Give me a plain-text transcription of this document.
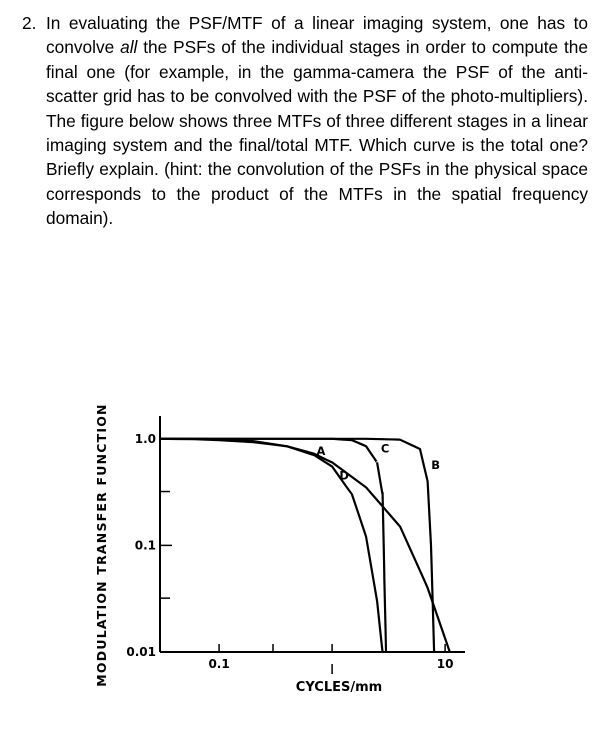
2. In evaluating the PSF/MTF of a linear imaging system, one has to convolve all the PSFs of the individual stages in order to compute the final one (for example, in the gamma-camera the PSF of the anti-scatter grid has to be convolved with the PSF of the photo-multipliers). The figure below shows three MTFs of three different stages in a linear imaging system and the final/total MTF. Which curve is the total one? Briefly explain. (hint: the convolution of the PSFs in the physical space corresponds to the product of the MTFs in the spatial frequency domain).
MODULATION TRANSFER FUNCTION
CYCLES/mm
1.0
0.1
0.01
0.1	10
A
B
C
D
